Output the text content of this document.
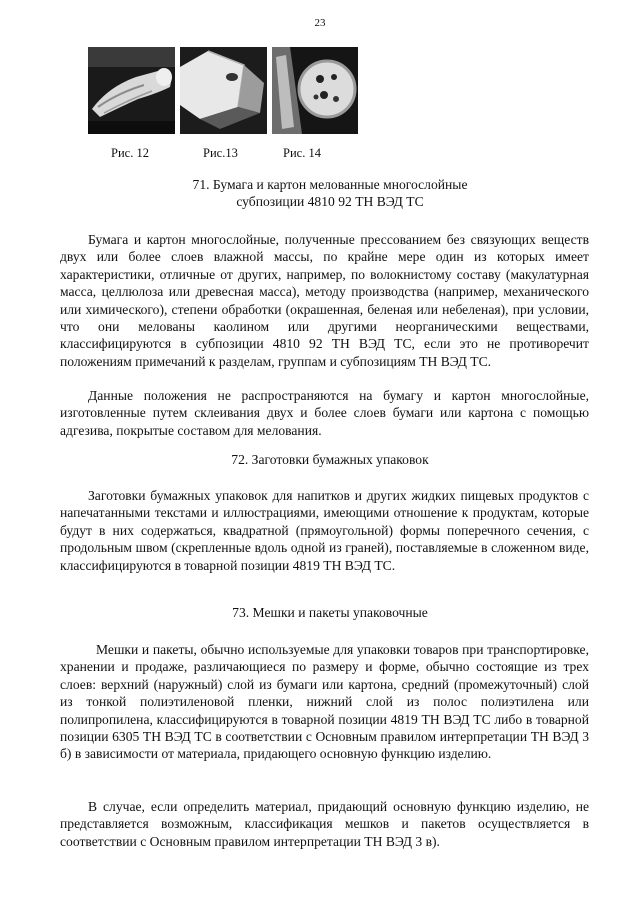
23
Рис. 12	Рис.13	Рис. 14
71. Бумага и картон мелованные многослойные
субпозиции 4810 92 ТН ВЭД ТС
Бумага и картон многослойные, полученные прессованием без связующих веществ двух или более слоев влажной массы, по крайне мере один из которых имеет характеристики, отличные от других, например, по волокнистому составу (макулатурная масса, целлюлоза или древесная масса), методу производства (например, механического или химического), степени обработки (окрашенная, беленая или небеленая), при условии, что они мелованы каолином или другими неорганическими веществами, классифицируются в субпозиции 4810 92 ТН ВЭД ТС, если это не противоречит положениям примечаний к разделам, группам и субпозициям ТН ВЭД ТС.
Данные положения не распространяются на бумагу и картон многослойные, изготовленные путем склеивания двух и более слоев бумаги или картона с помощью адгезива, покрытые составом для мелования.
72. Заготовки бумажных упаковок
Заготовки бумажных упаковок для напитков и других жидких пищевых продуктов с напечатанными текстами и иллюстрациями, имеющими отношение к продуктам, которые будут в них содержаться, квадратной (прямоугольной) формы поперечного сечения, с продольным швом (скрепленные вдоль одной из граней), поставляемые в сложенном виде, классифицируются в товарной позиции 4819 ТН ВЭД ТС.
73. Мешки и пакеты упаковочные
Мешки и пакеты, обычно используемые для упаковки товаров при транспортировке, хранении и продаже, различающиеся по размеру и форме, обычно состоящие из трех слоев: верхний (наружный) слой из бумаги или картона, средний (промежуточный) слой из тонкой полиэтиленовой пленки, нижний слой из полос полиэтилена или полипропилена, классифицируются в товарной позиции 4819 ТН ВЭД ТС либо в товарной позиции 6305 ТН ВЭД ТС в соответствии с Основным правилом интерпретации ТН ВЭД 3 б) в зависимости от материала, придающего основную функцию изделию.
В случае, если определить материал, придающий основную функцию изделию, не представляется возможным, классификация мешков и пакетов осуществляется в соответствии с Основным правилом интерпретации ТН ВЭД 3 в).
